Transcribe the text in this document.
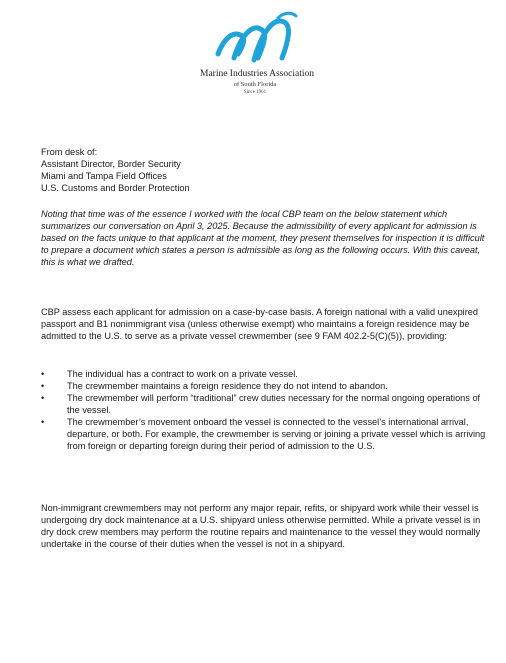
Marine Industries Association
of South Florida
Since 1961
From desk of:
Assistant Director, Border Security
Miami and Tampa Field Offices
U.S. Customs and Border Protection

Noting that time was of the essence I worked with the local CBP team on the below statement which summarizes our conversation on April 3, 2025. Because the admissibility of every applicant for admission is based on the facts unique to that applicant at the moment, they present themselves for inspection it is difficult to prepare a document which states a person is admissible as long as the following occurs. With this caveat, this is what we drafted.

CBP assess each applicant for admission on a case-by-case basis. A foreign national with a valid unexpired passport and B1 nonimmigrant visa (unless otherwise exempt) who maintains a foreign residence may be admitted to the U.S. to serve as a private vessel crewmember (see 9 FAM 402.2-5(C)(5)), providing:

•	The individual has a contract to work on a private vessel.
•	The crewmember maintains a foreign residence they do not intend to abandon.
•	The crewmember will perform “traditional” crew duties necessary for the normal ongoing operations of the vessel.
•	The crewmember’s movement onboard the vessel is connected to the vessel’s international arrival, departure, or both. For example, the crewmember is serving or joining a private vessel which is arriving from foreign or departing foreign during their period of admission to the U.S.

Non-immigrant crewmembers may not perform any major repair, refits, or shipyard work while their vessel is undergoing dry dock maintenance at a U.S. shipyard unless otherwise permitted. While a private vessel is in dry dock crew members may perform the routine repairs and maintenance to the vessel they would normally undertake in the course of their duties when the vessel is not in a shipyard.
